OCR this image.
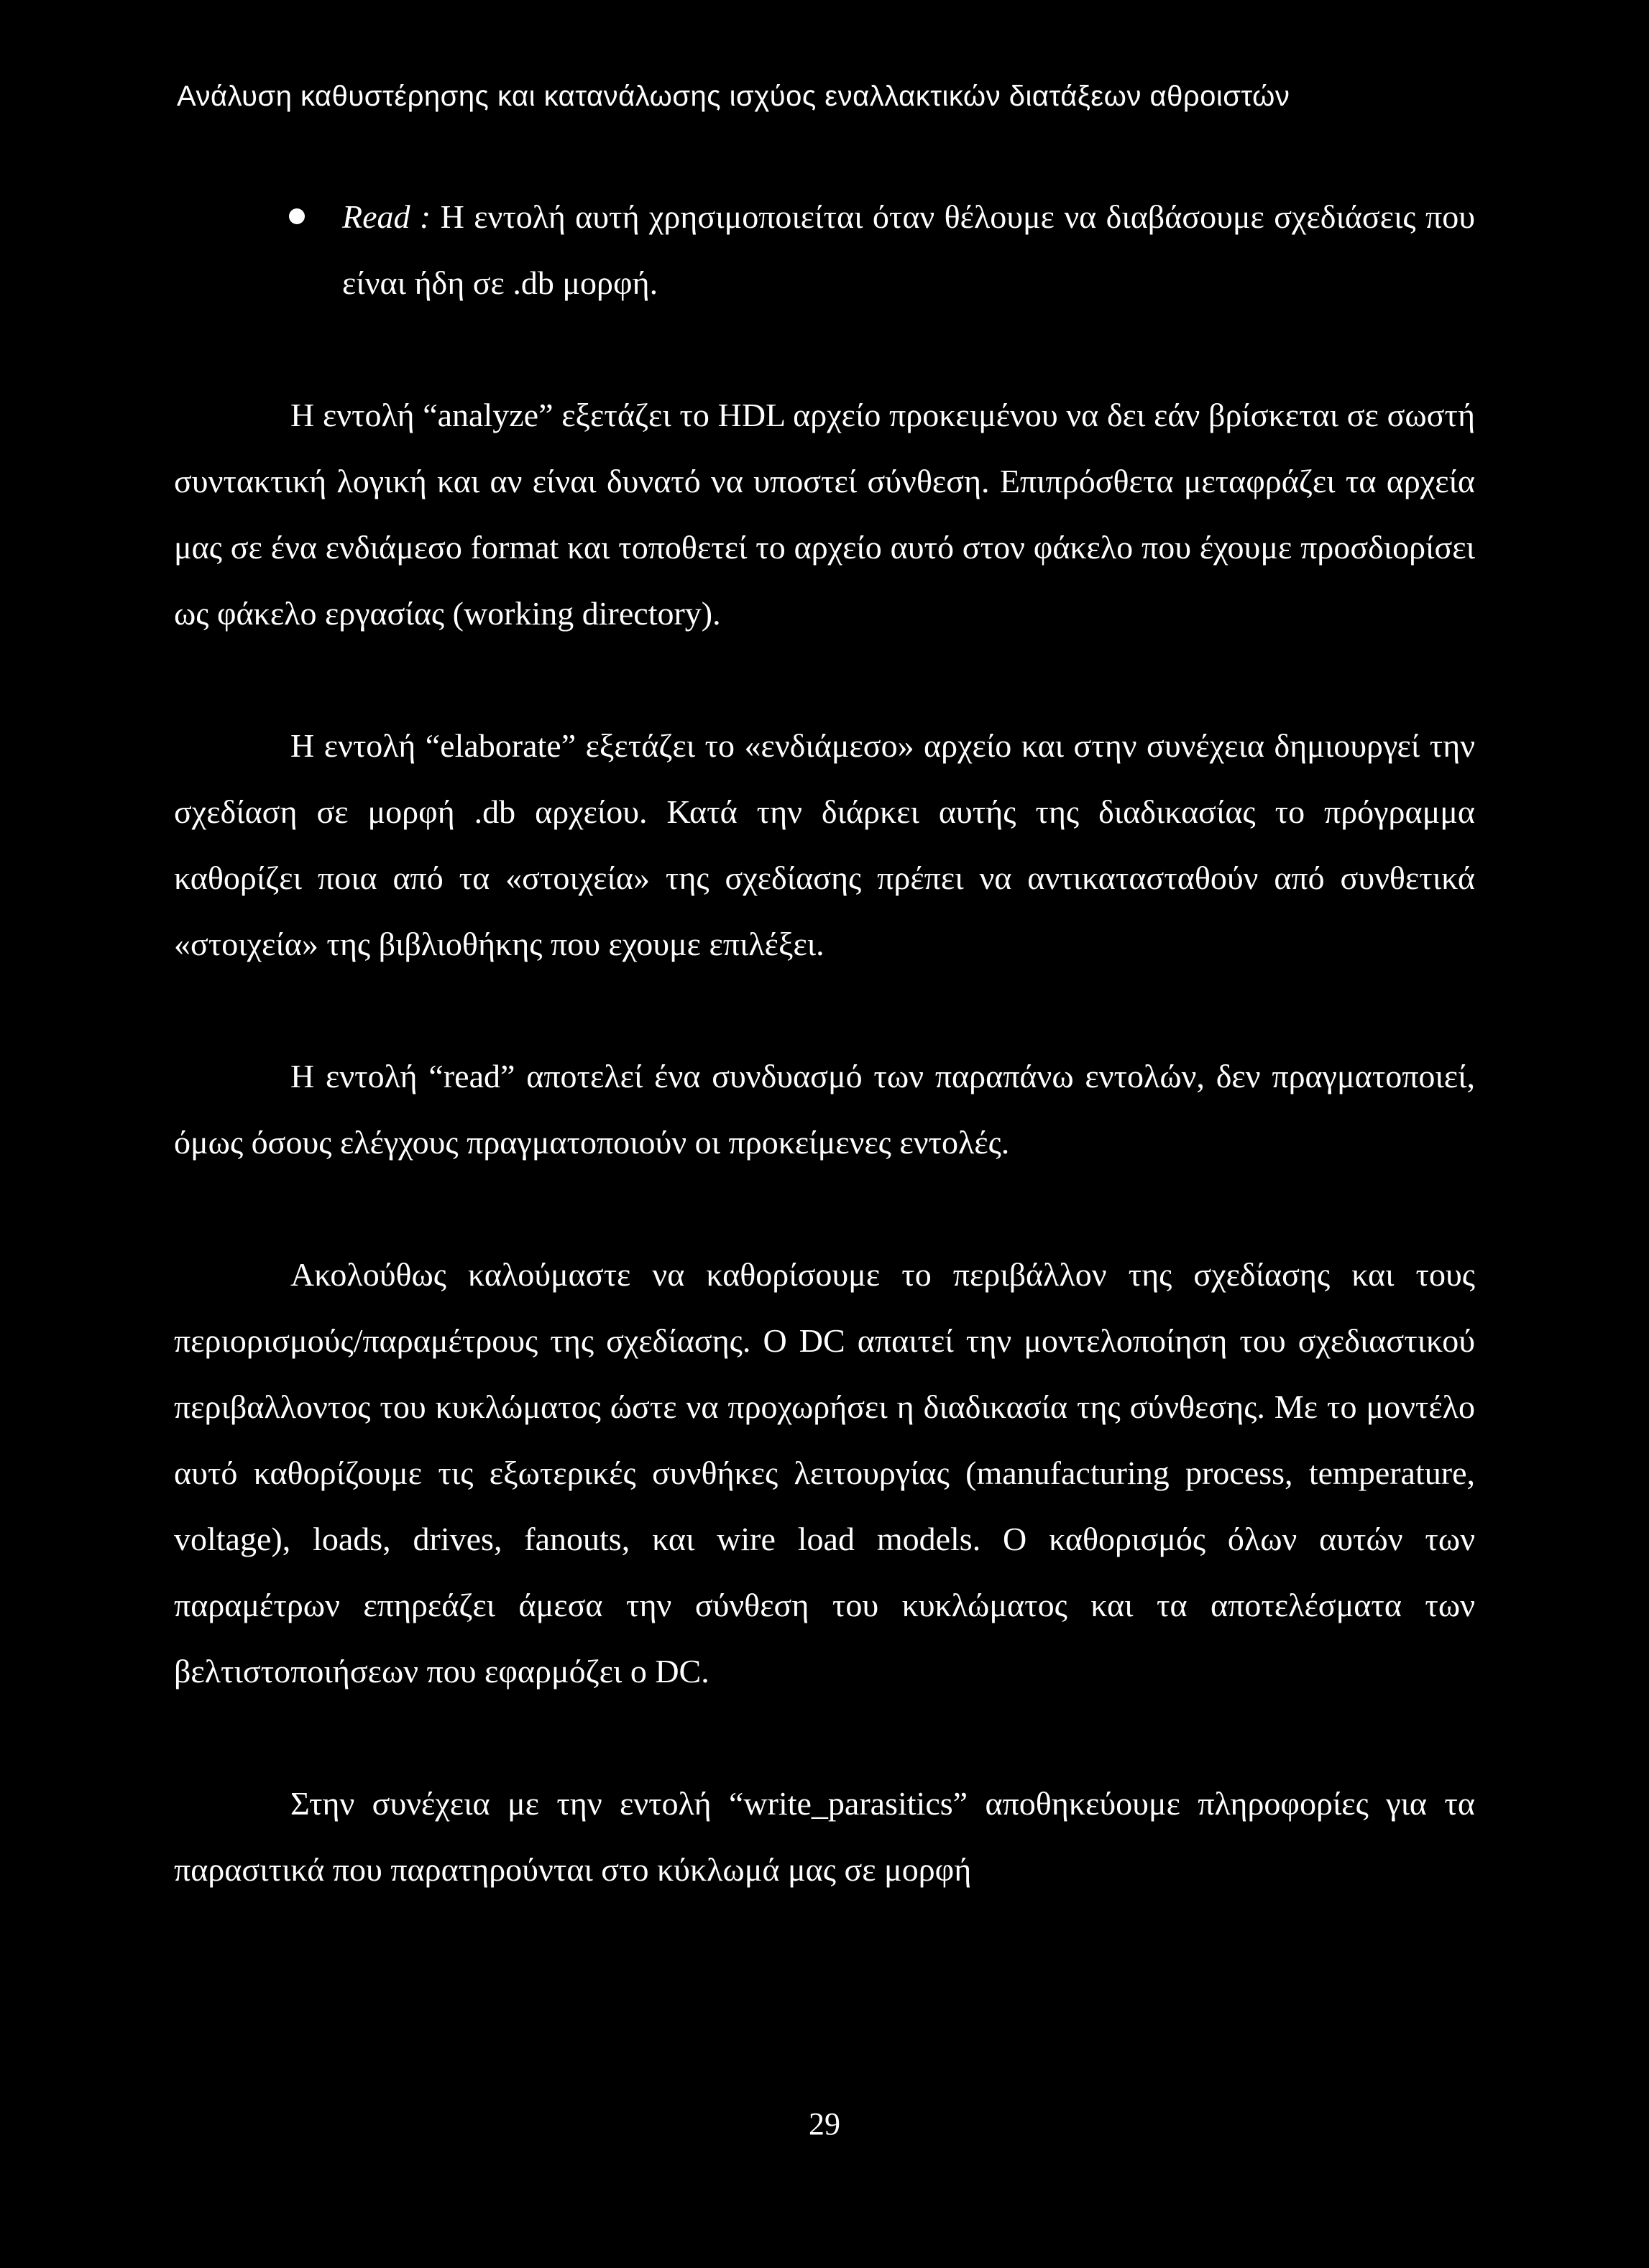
Ανάλυση καθυστέρησης και κατανάλωσης ισχύος εναλλακτικών διατάξεων αθροιστών
Read : Η εντολή αυτή χρησιμοποιείται όταν θέλουμε να διαβάσουμε σχεδιάσεις που είναι ήδη σε .db μορφή.

Η εντολή “analyze” εξετάζει το HDL αρχείο προκειμένου να δει εάν βρίσκεται σε σωστή συντακτική λογική και αν είναι δυνατό να υποστεί σύνθεση. Επιπρόσθετα μεταφράζει τα αρχεία μας σε ένα ενδιάμεσο format και τοποθετεί το αρχείο αυτό στον φάκελο που έχουμε προσδιορίσει ως φάκελο εργασίας (working directory).

Η εντολή “elaborate” εξετάζει το «ενδιάμεσο» αρχείο και στην συνέχεια δημιουργεί την σχεδίαση σε μορφή .db αρχείου. Κατά την διάρκει αυτής της διαδικασίας το πρόγραμμα καθορίζει ποια από τα «στοιχεία» της σχεδίασης πρέπει να αντικατασταθούν από συνθετικά «στοιχεία» της βιβλιοθήκης που εχουμε επιλέξει.

Η εντολή “read” αποτελεί ένα συνδυασμό των παραπάνω εντολών, δεν πραγματοποιεί, όμως όσους ελέγχους πραγματοποιούν οι προκείμενες εντολές.

Ακολούθως καλούμαστε να καθορίσουμε το περιβάλλον της σχεδίασης και τους περιορισμούς/παραμέτρους της σχεδίασης. Ο DC απαιτεί την μοντελοποίηση του σχεδιαστικού περιβαλλοντος του κυκλώματος ώστε να προχωρήσει η διαδικασία της σύνθεσης. Με το μοντέλο αυτό καθορίζουμε τις εξωτερικές συνθήκες λειτουργίας (manufacturing process, temperature, voltage), loads, drives, fanouts, και wire load models. Ο καθορισμός όλων αυτών των παραμέτρων επηρεάζει άμεσα την σύνθεση του κυκλώματος και τα αποτελέσματα των βελτιστοποιήσεων που εφαρμόζει ο DC.

Στην συνέχεια με την εντολή “write_parasitics” αποθηκεύουμε πληροφορίες για τα παρασιτικά που παρατηρούνται στο κύκλωμά μας σε μορφή

29
